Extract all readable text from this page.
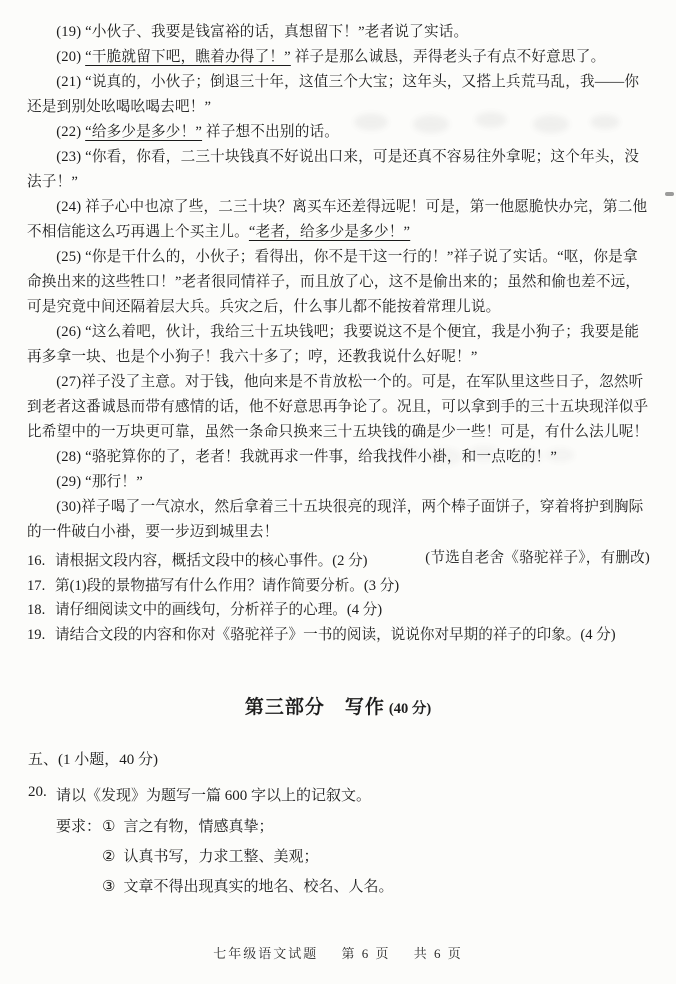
(19) “小伙子、我要是钱富裕的话，真想留下！”老者说了实话。

(20) “干脆就留下吧，瞧着办得了！” 祥子是那么诚恳，弄得老头子有点不好意思了。

(21) “说真的，小伙子；倒退三十年，这值三个大宝；这年头，又搭上兵荒马乱，我——你还是到别处吆喝吆喝去吧！”

(22) “给多少是多少！” 祥子想不出别的话。

(23) “你看，你看，二三十块钱真不好说出口来，可是还真不容易往外拿呢；这个年头，没法子！”

(24) 祥子心中也凉了些，二三十块？离买车还差得远呢！可是，第一他愿脆快办完，第二他不相信能这么巧再遇上个买主儿。“老者，给多少是多少！”

(25) “你是干什么的，小伙子；看得出，你不是干这一行的！”祥子说了实话。“呕，你是拿命换出来的这些牲口！”老者很同情祥子，而且放了心，这不是偷出来的；虽然和偷也差不远，可是究竟中间还隔着层大兵。兵灾之后，什么事儿都不能按着常理儿说。

(26) “这么着吧，伙计，我给三十五块钱吧；我要说这不是个便宜，我是小狗子；我要是能再多拿一块、也是个小狗子！我六十多了；哼，还教我说什么好呢！”

(27)祥子没了主意。对于钱，他向来是不肯放松一个的。可是，在军队里这些日子，忽然听到老者这番诚恳而带有感情的话，他不好意思再争论了。况且，可以拿到手的三十五块现洋似乎比希望中的一万块更可靠，虽然一条命只换来三十五块钱的确是少一些！可是，有什么法儿呢！

(28) “骆驼算你的了，老者！我就再求一件事，给我找件小褂，和一点吃的！”

(29) “那行！”

(30)祥子喝了一气凉水，然后拿着三十五块很亮的现洋，两个棒子面饼子，穿着将护到胸际的一件破白小褂，要一步迈到城里去！

(节选自老舍《骆驼祥子》，有删改)

16. 请根据文段内容，概括文段中的核心事件。(2 分)
17. 第(1)段的景物描写有什么作用？请作简要分析。(3 分)
18. 请仔细阅读文中的画线句，分析祥子的心理。(4 分)
19. 请结合文段的内容和你对《骆驼祥子》一书的阅读，说说你对早期的祥子的印象。(4 分)
第三部分　写作 (40 分)
五、(1 小题，40 分)
20. 请以《发现》为题写一篇 600 字以上的记叙文。
要求： ① 言之有物，情感真挚；
② 认真书写，力求工整、美观；
③ 文章不得出现真实的地名、校名、人名。
七年级语文试题 第 6 页 共 6 页
